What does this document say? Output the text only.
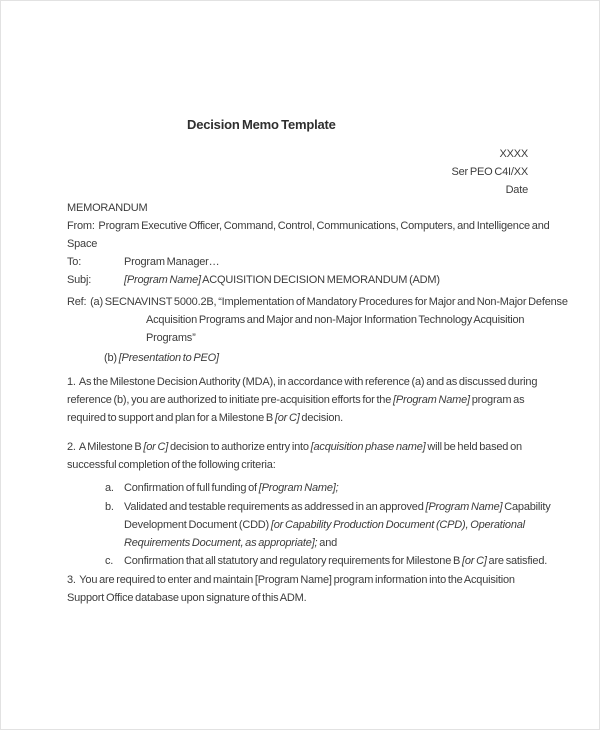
Decision Memo Template
XXXX
Ser PEO C4I/XX
Date
MEMORANDUM
From:  Program Executive Officer, Command, Control, Communications, Computers, and Intelligence and
Space
To:	Program Manager…
Subj:	[Program Name] ACQUISITION DECISION MEMORANDUM (ADM)
Ref:  (a) SECNAVINST 5000.2B, “Implementation of Mandatory Procedures for Major and Non-Major Defense
Acquisition Programs and Major and non-Major Information Technology Acquisition
Programs”
(b) [Presentation to PEO]
1.  As the Milestone Decision Authority (MDA), in accordance with reference (a) and as discussed during
reference (b), you are authorized to initiate pre-acquisition efforts for the [Program Name] program as
required to support and plan for a Milestone B [or C] decision.
2.  A Milestone B [or C] decision to authorize entry into [acquisition phase name] will be held based on
successful completion of the following criteria:
a. Confirmation of full funding of [Program Name];
b. Validated and testable requirements as addressed in an approved [Program Name] Capability
Development Document (CDD) [or Capability Production Document (CPD), Operational
Requirements Document, as appropriate]; and
c. Confirmation that all statutory and regulatory requirements for Milestone B [or C] are satisfied.
3.  You are required to enter and maintain [Program Name] program information into the Acquisition
Support Office database upon signature of this ADM.
